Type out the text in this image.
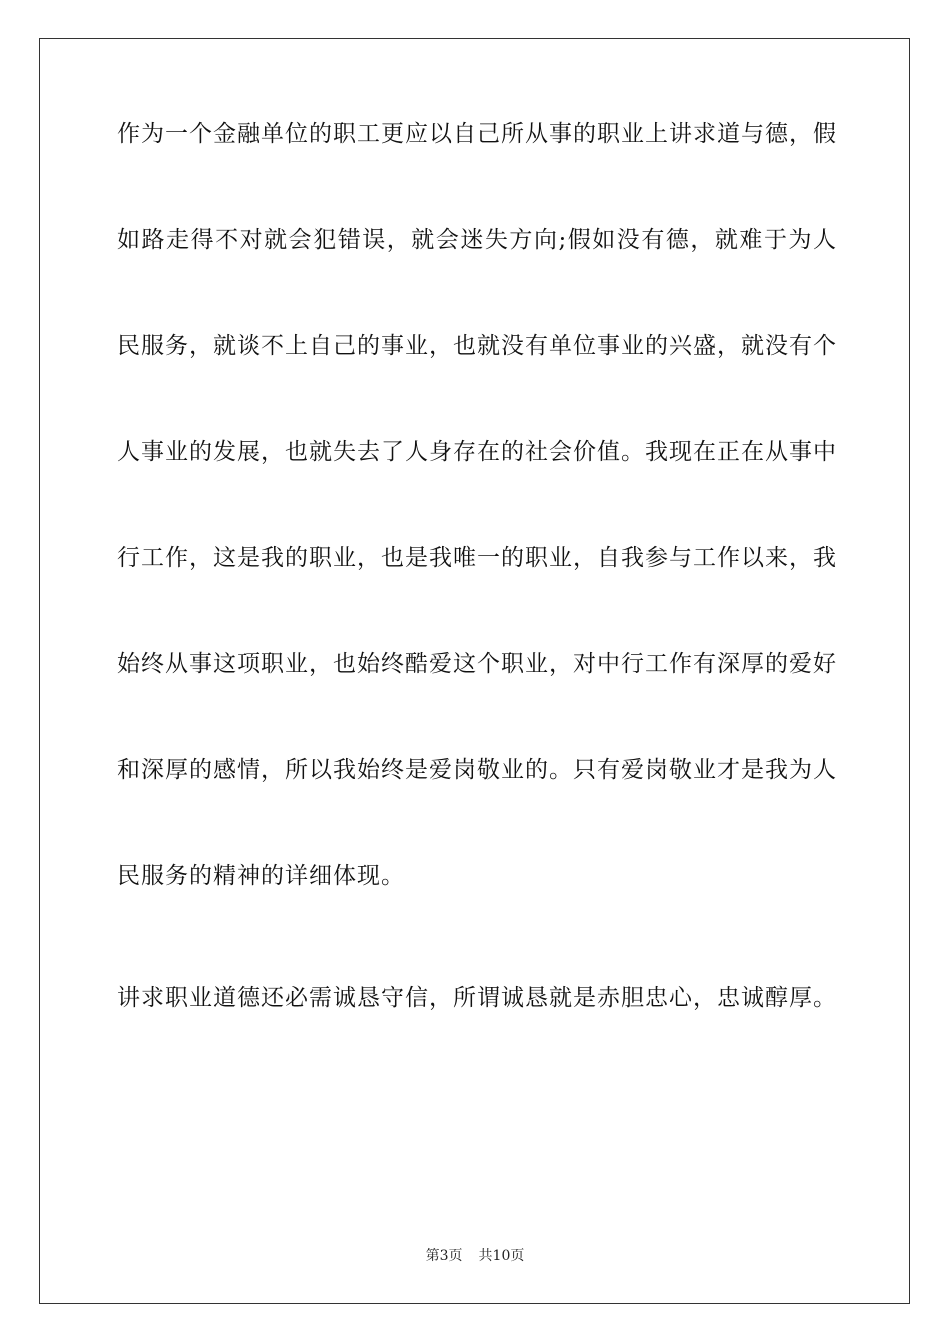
作为一个金融单位的职工更应以自己所从事的职业上讲求道与德，假
如路走得不对就会犯错误，就会迷失方向;假如没有德，就难于为人
民服务，就谈不上自己的事业，也就没有单位事业的兴盛，就没有个
人事业的发展，也就失去了人身存在的社会价值。我现在正在从事中
行工作，这是我的职业，也是我唯一的职业，自我参与工作以来，我
始终从事这项职业，也始终酷爱这个职业，对中行工作有深厚的爱好
和深厚的感情，所以我始终是爱岗敬业的。只有爱岗敬业才是我为人
民服务的精神的详细体现。
讲求职业道德还必需诚恳守信，所谓诚恳就是赤胆忠心，忠诚醇厚。
第3页 共10页
